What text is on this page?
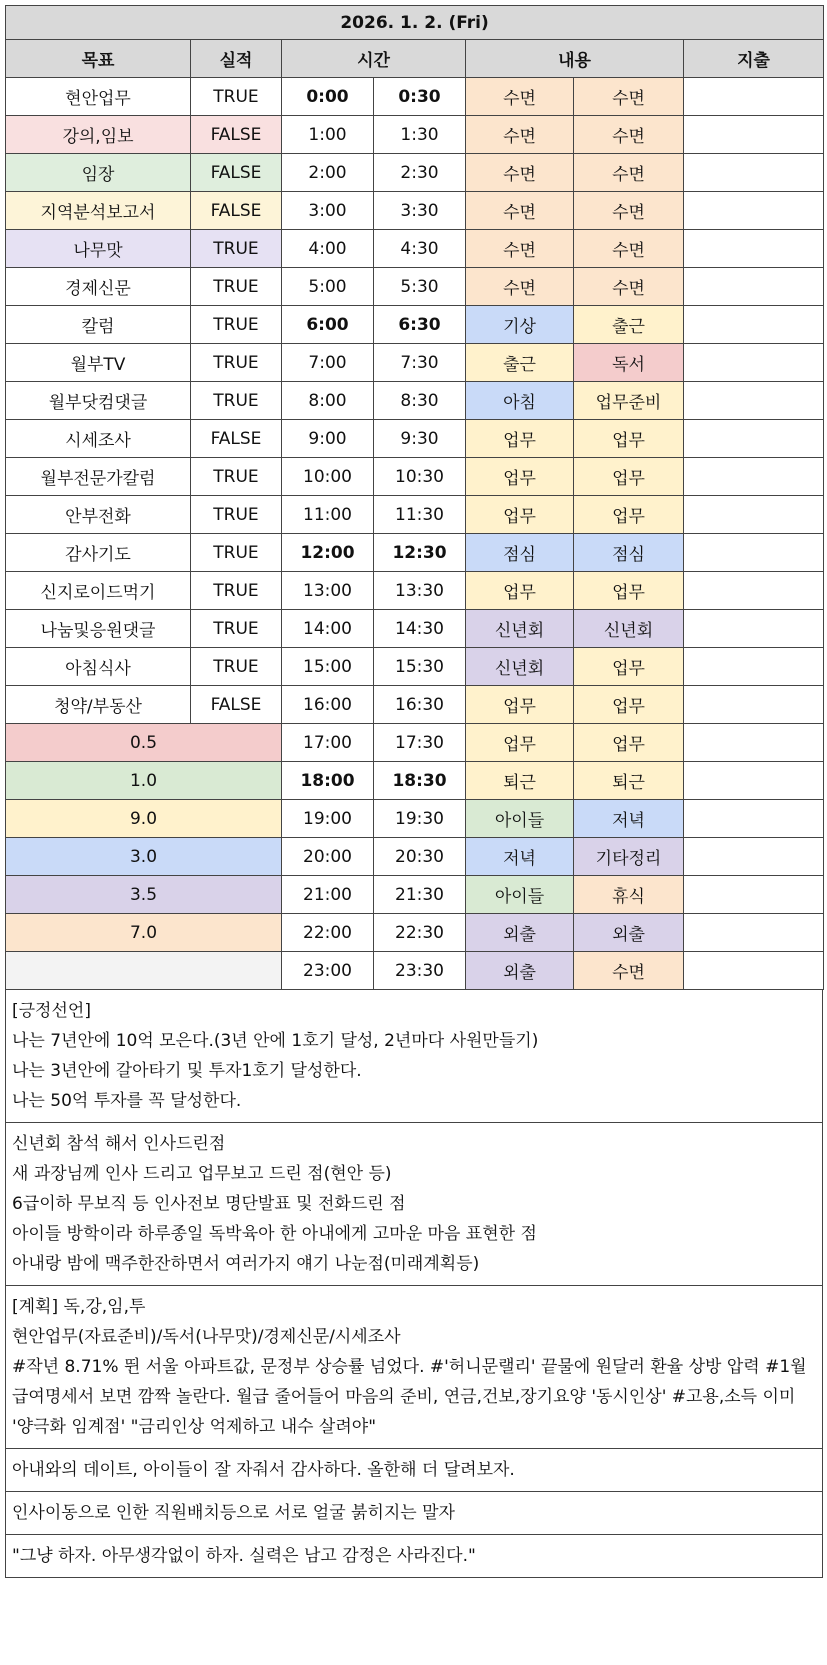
2026. 1. 2. (Fri)						
목표	실적	시간		내용		지출
현안업무	TRUE	0:00	0:30	수면	수면	
강의,임보	FALSE	1:00	1:30	수면	수면	
임장	FALSE	2:00	2:30	수면	수면	
지역분석보고서	FALSE	3:00	3:30	수면	수면	
나무맛	TRUE	4:00	4:30	수면	수면	
경제신문	TRUE	5:00	5:30	수면	수면	
칼럼	TRUE	6:00	6:30	기상	출근	
월부TV	TRUE	7:00	7:30	출근	독서	
월부닷컴댓글	TRUE	8:00	8:30	아침	업무준비	
시세조사	FALSE	9:00	9:30	업무	업무	
월부전문가칼럼	TRUE	10:00	10:30	업무	업무	
안부전화	TRUE	11:00	11:30	업무	업무	
감사기도	TRUE	12:00	12:30	점심	점심	
신지로이드먹기	TRUE	13:00	13:30	업무	업무	
나눔및응원댓글	TRUE	14:00	14:30	신년회	신년회	
아침식사	TRUE	15:00	15:30	신년회	업무	
청약/부동산	FALSE	16:00	16:30	업무	업무	
0.5		17:00	17:30	업무	업무	
1.0		18:00	18:30	퇴근	퇴근	
9.0		19:00	19:30	아이들	저녁	
3.0		20:00	20:30	저녁	기타정리	
3.5		21:00	21:30	아이들	휴식	
7.0		22:00	22:30	외출	외출	
		23:00	23:30	외출	수면	
[긍정선언]
나는 7년안에 10억 모은다.(3년 안에 1호기 달성, 2년마다 사원만들기)
나는 3년안에 갈아타기 및 투자1호기 달성한다.
나는 50억 투자를 꼭 달성한다.
신년회 참석 해서 인사드린점
새 과장님께 인사 드리고 업무보고 드린 점(현안 등)
6급이하 무보직 등 인사전보 명단발표 및 전화드린 점
아이들 방학이라 하루종일 독박육아 한 아내에게 고마운 마음 표현한 점
아내랑 밤에 맥주한잔하면서 여러가지 얘기 나눈점(미래계획등)
[계획] 독,강,임,투
현안업무(자료준비)/독서(나무맛)/경제신문/시세조사
#작년 8.71% 뛴 서울 아파트값, 문정부 상승률 넘었다. #'허니문랠리' 끝물에 원달러 환율 상방 압력 #1월 급여명세서 보면 깜짝 놀란다. 월급 줄어들어 마음의 준비, 연금,건보,장기요양 '동시인상' #고용,소득 이미 '양극화 임계점' "금리인상 억제하고 내수 살려야"
아내와의 데이트, 아이들이 잘 자줘서 감사하다. 올한해 더 달려보자.
인사이동으로 인한 직원배치등으로 서로 얼굴 붉히지는 말자
"그냥 하자. 아무생각없이 하자. 실력은 남고 감정은 사라진다."
